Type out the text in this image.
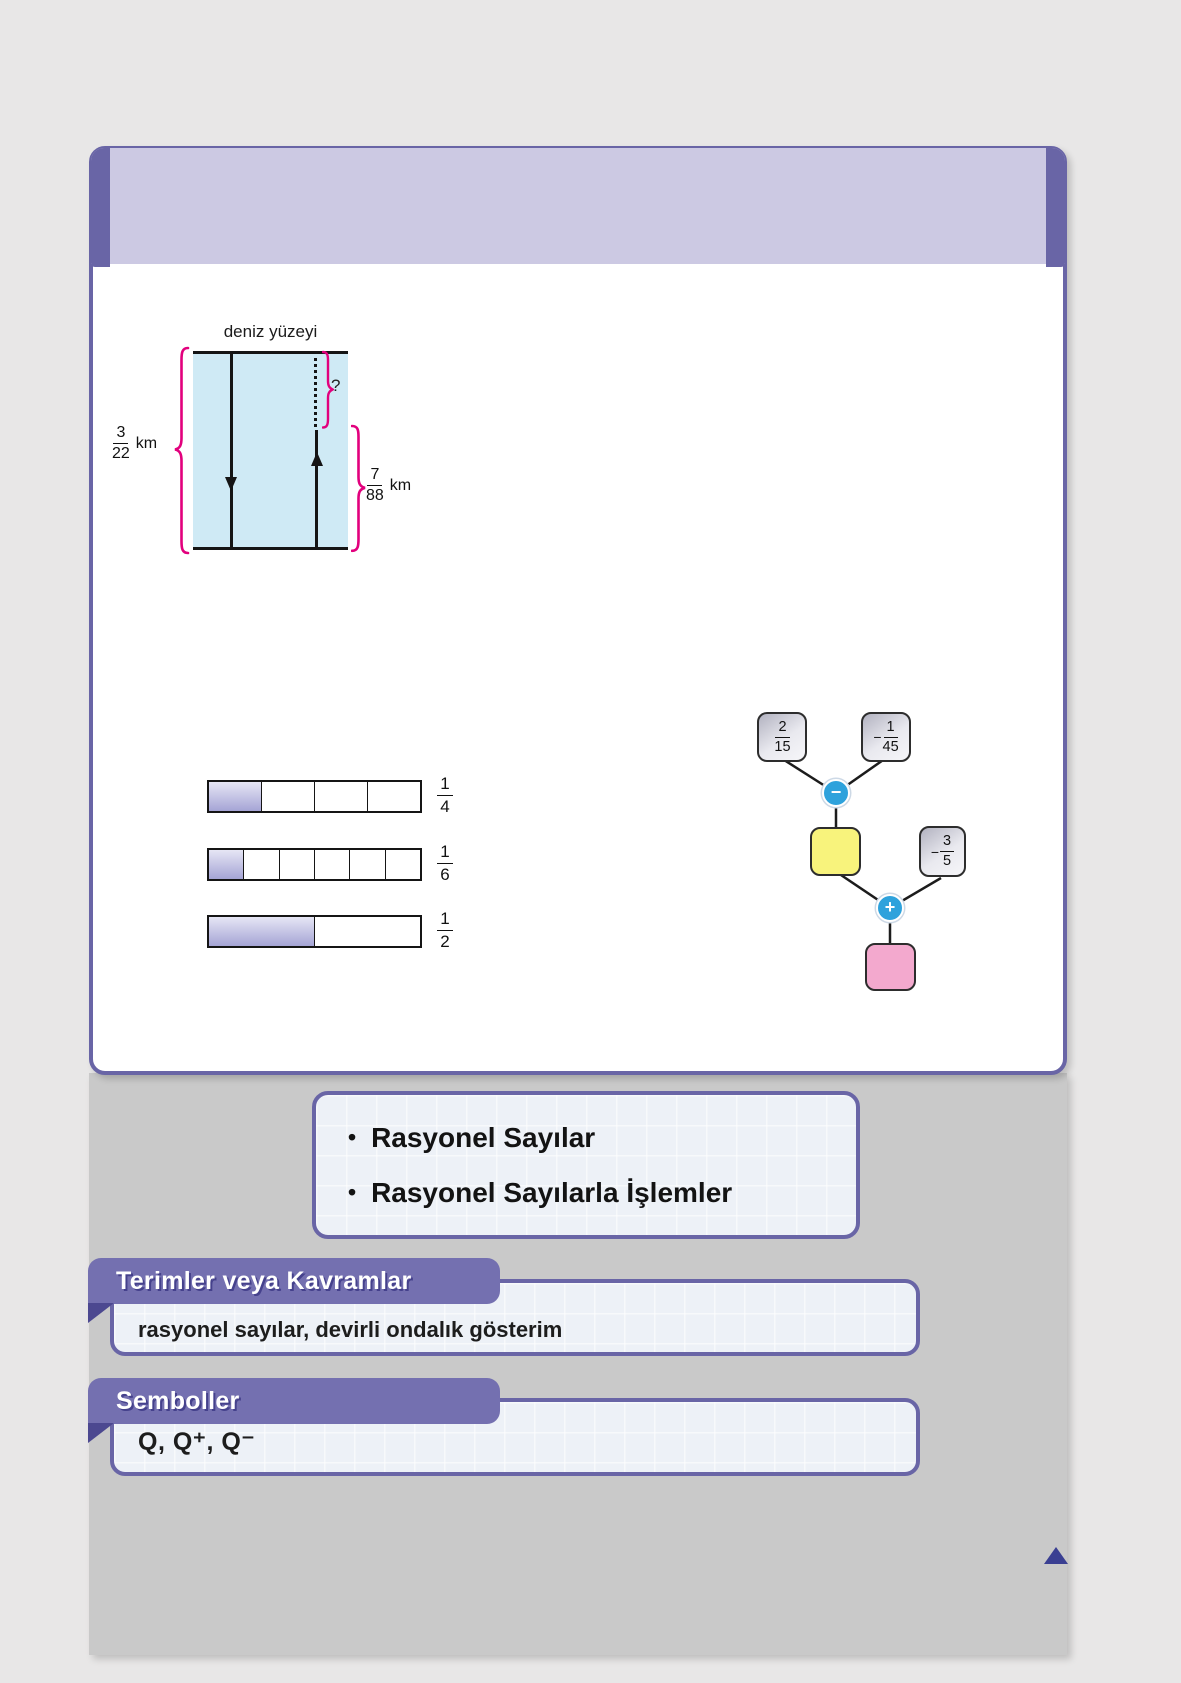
deniz yüzeyi
$\frac{3}{22}$ km
?
$\frac{7}{88}$ km
$\frac{1}{4}$
$\frac{1}{6}$
$\frac{1}{2}$
$\frac{2}{15}$	− $\frac{1}{45}$
−
− $\frac{3}{5}$
+
• Rasyonel Sayılar
• Rasyonel Sayılarla İşlemler
Terimler veya Kavramlar
rasyonel sayılar, devirli ondalık gösterim
Semboller
Q, Q⁺, Q⁻
